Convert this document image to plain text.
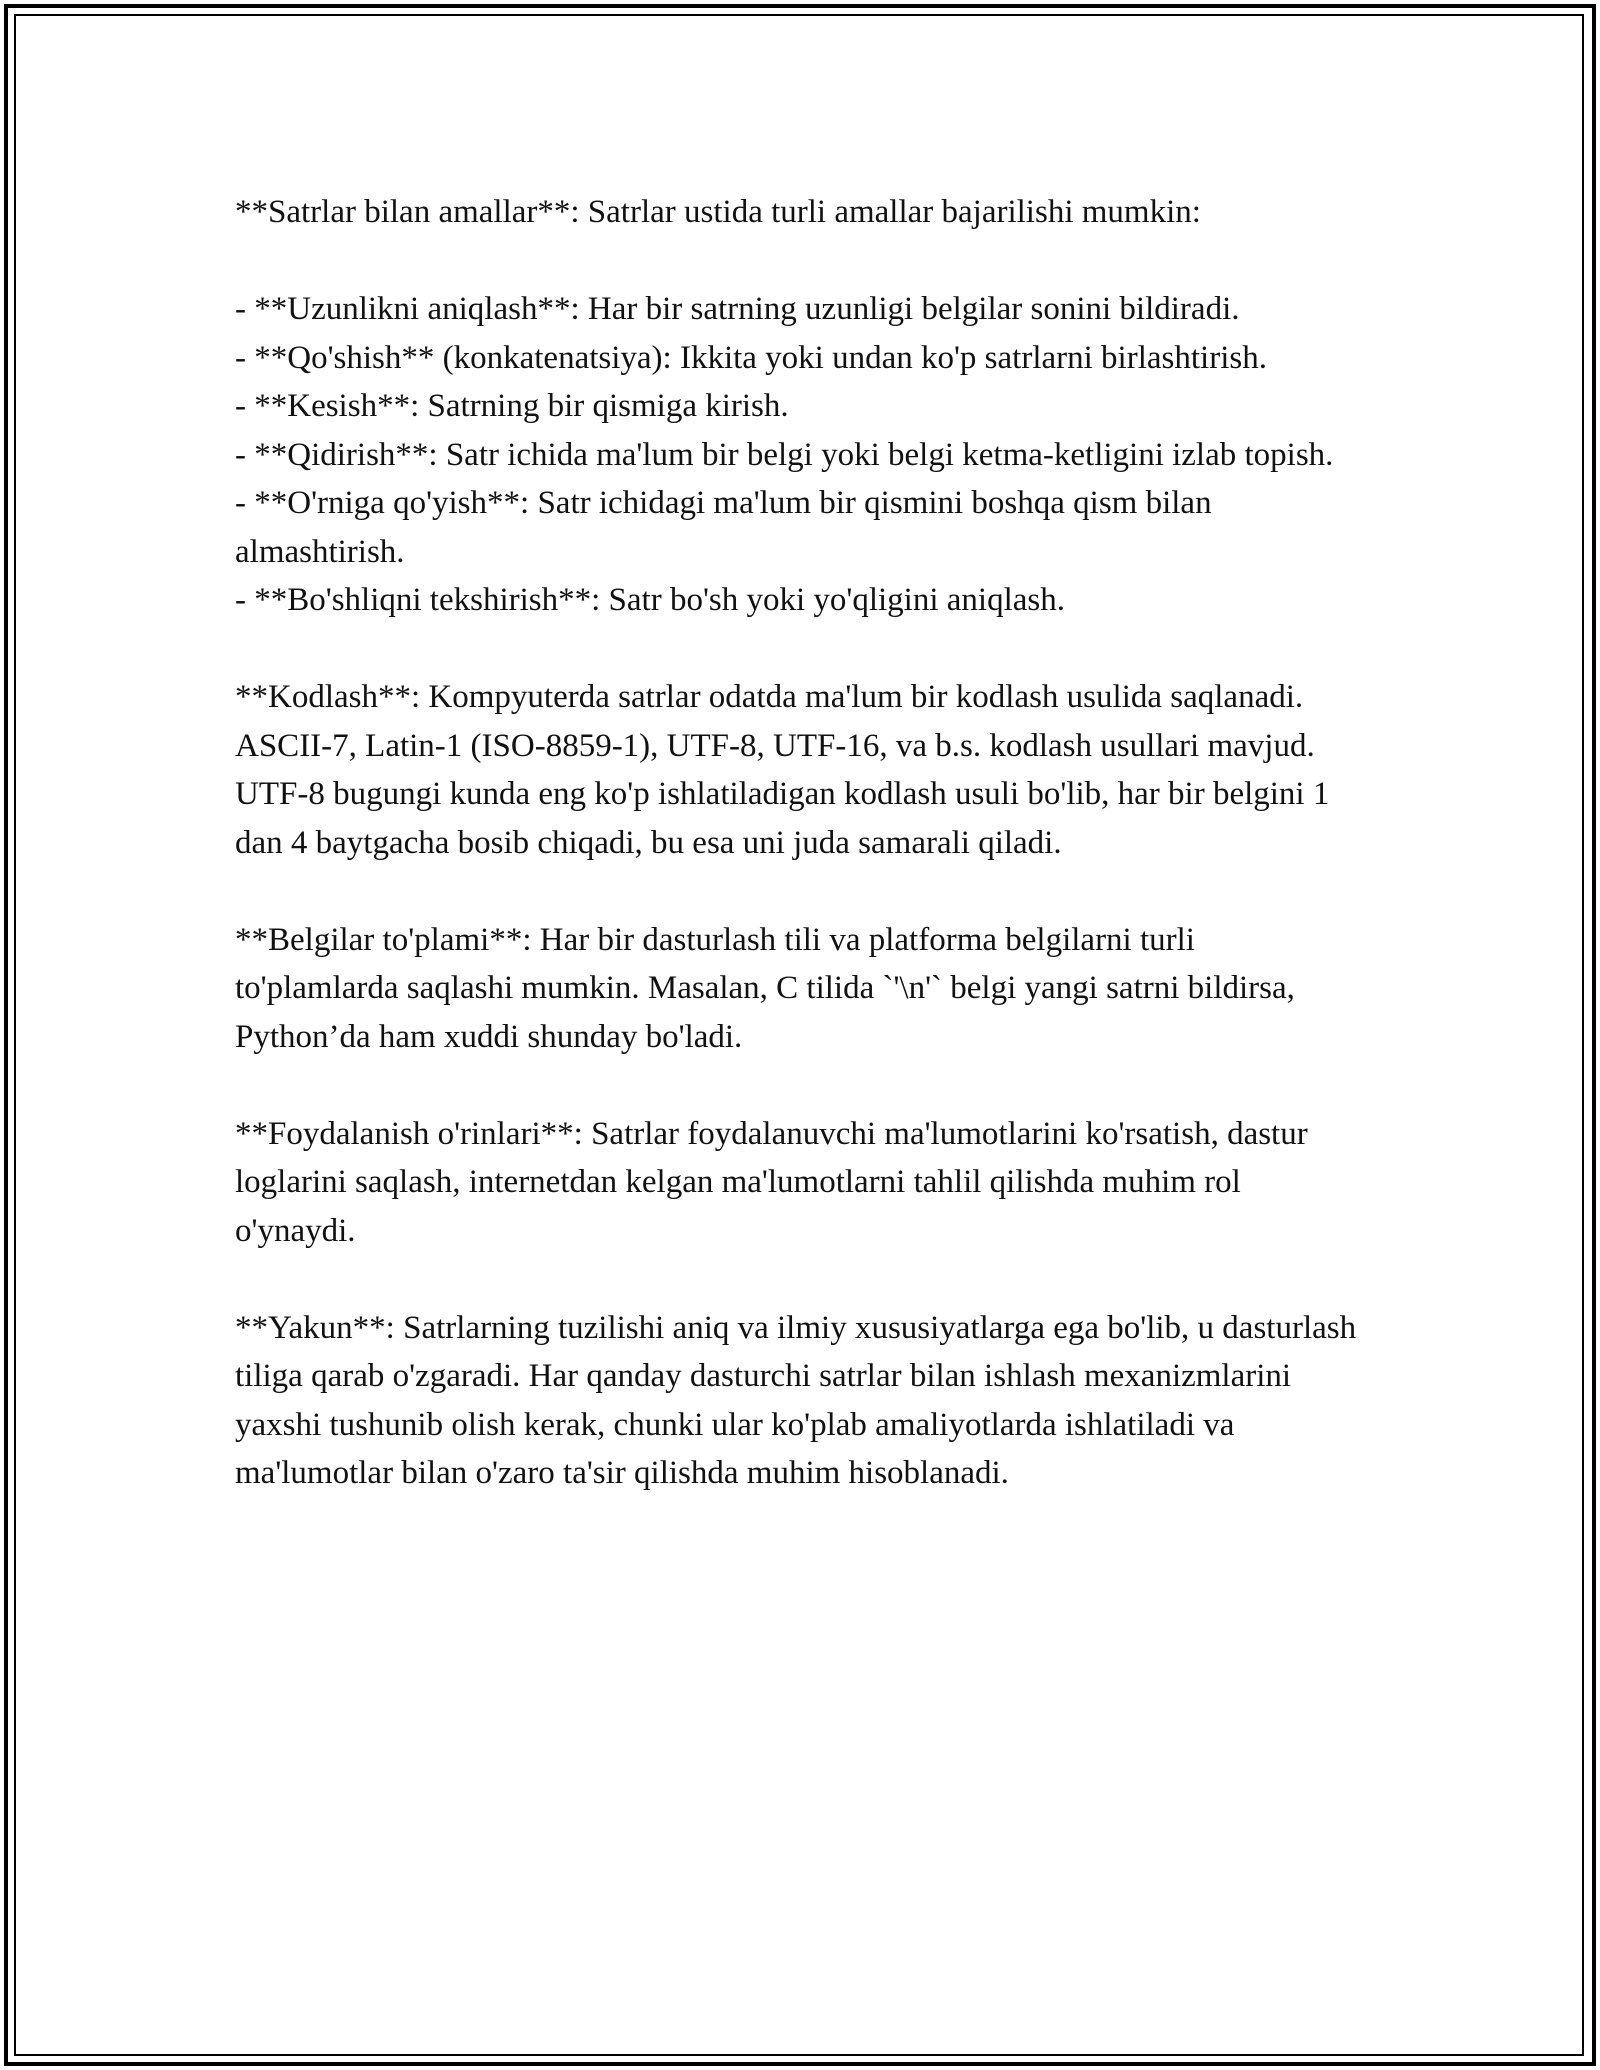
**Satrlar bilan amallar**: Satrlar ustida turli amallar bajarilishi mumkin:

- **Uzunlikni aniqlash**: Har bir satrning uzunligi belgilar sonini bildiradi.

- **Qo'shish** (konkatenatsiya): Ikkita yoki undan ko'p satrlarni birlashtirish.

- **Kesish**: Satrning bir qismiga kirish.

- **Qidirish**: Satr ichida ma'lum bir belgi yoki belgi ketma-ketligini izlab topish.

- **O'rniga qo'yish**: Satr ichidagi ma'lum bir qismini boshqa qism bilan almashtirish.

- **Bo'shliqni tekshirish**: Satr bo'sh yoki yo'qligini aniqlash.

**Kodlash**: Kompyuterda satrlar odatda ma'lum bir kodlash usulida saqlanadi. ASCII-7, Latin-1 (ISO-8859-1), UTF-8, UTF-16, va b.s. kodlash usullari mavjud. UTF-8 bugungi kunda eng ko'p ishlatiladigan kodlash usuli bo'lib, har bir belgini 1 dan 4 baytgacha bosib chiqadi, bu esa uni juda samarali qiladi.

**Belgilar to'plami**: Har bir dasturlash tili va platforma belgilarni turli to'plamlarda saqlashi mumkin. Masalan, C tilida `'\n'` belgi yangi satrni bildirsa, Python’da ham xuddi shunday bo'ladi.

**Foydalanish o'rinlari**: Satrlar foydalanuvchi ma'lumotlarini ko'rsatish, dastur loglarini saqlash, internetdan kelgan ma'lumotlarni tahlil qilishda muhim rol o'ynaydi.

**Yakun**: Satrlarning tuzilishi aniq va ilmiy xususiyatlarga ega bo'lib, u dasturlash tiliga qarab o'zgaradi. Har qanday dasturchi satrlar bilan ishlash mexanizmlarini yaxshi tushunib olish kerak, chunki ular ko'plab amaliyotlarda ishlatiladi va ma'lumotlar bilan o'zaro ta'sir qilishda muhim hisoblanadi.
